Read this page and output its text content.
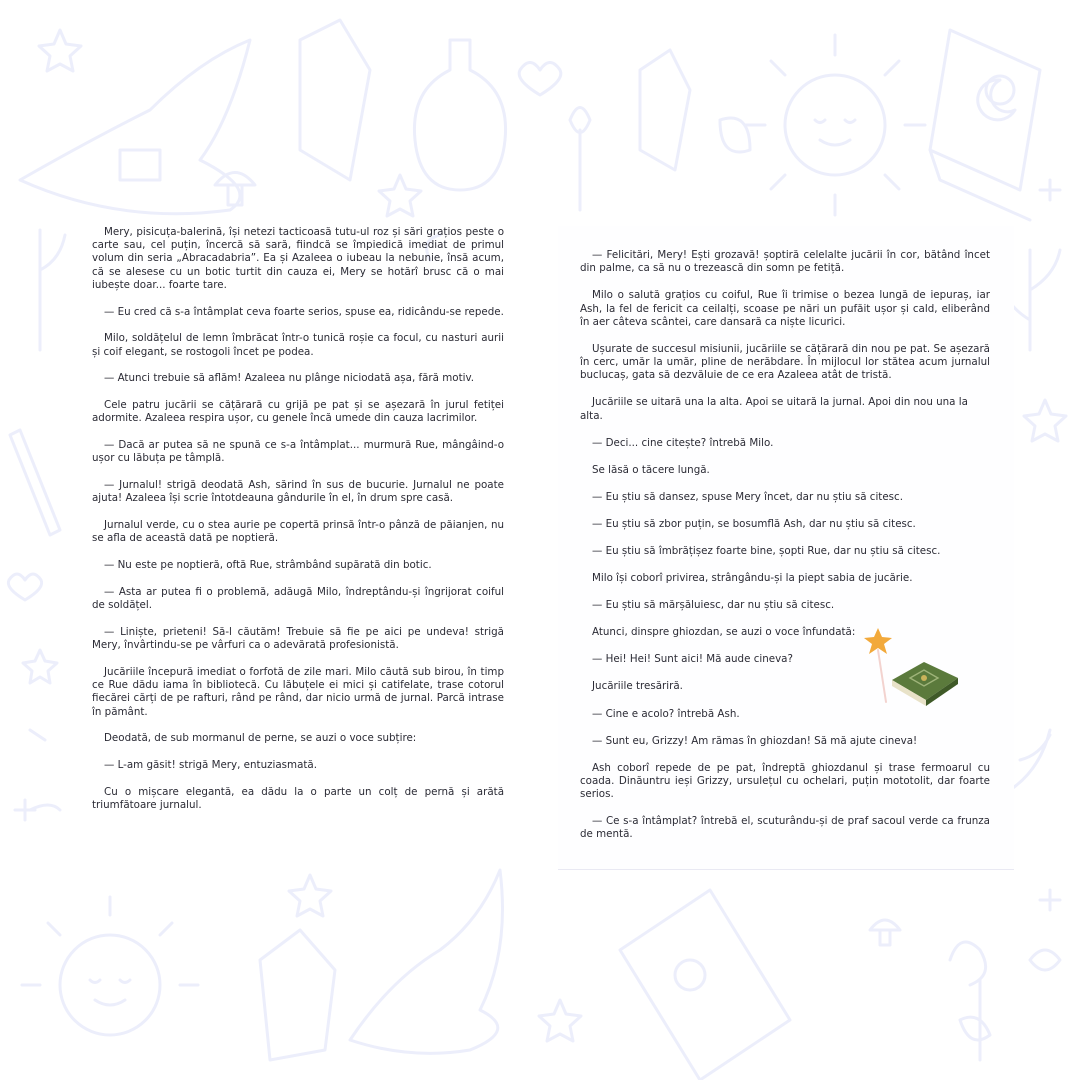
Mery, pisicuța-balerină, își netezi tacticoasă tutu-ul roz și sări grațios peste o carte sau, cel puțin, încercă să sară, fiindcă se împiedică imediat de primul volum din seria „Abracadabria”. Ea și Azaleea o iubeau la nebunie, însă acum, că se alesese cu un botic turtit din cauza ei, Mery se hotărî brusc că o mai iubește doar... foarte tare.

— Eu cred că s-a întâmplat ceva foarte serios, spuse ea, ridicându-se repede.

Milo, soldățelul de lemn îmbrăcat într-o tunică roșie ca focul, cu nasturi aurii și coif elegant, se rostogoli încet pe podea.

— Atunci trebuie să aflăm! Azaleea nu plânge niciodată așa, fără motiv.

Cele patru jucării se cățărară cu grijă pe pat și se așezară în jurul fetiței adormite. Azaleea respira ușor, cu genele încă umede din cauza lacrimilor.

— Dacă ar putea să ne spună ce s-a întâmplat... murmură Rue, mângâind-o ușor cu lăbuța pe tâmplă.

— Jurnalul! strigă deodată Ash, sărind în sus de bucurie. Jurnalul ne poate ajuta! Azaleea își scrie întotdeauna gândurile în el, în drum spre casă.

Jurnalul verde, cu o stea aurie pe copertă prinsă într-o pânză de păianjen, nu se afla de această dată pe noptieră.

— Nu este pe noptieră, oftă Rue, strâmbând supărată din botic.

— Asta ar putea fi o problemă, adăugă Milo, îndreptându-și îngrijorat coiful de soldățel.

— Liniște, prieteni! Să-l căutăm! Trebuie să fie pe aici pe undeva! strigă Mery, învârtindu-se pe vârfuri ca o adevărată profesionistă.

Jucăriile începură imediat o forfotă de zile mari. Milo căută sub birou, în timp ce Rue dădu iama în bibliotecă. Cu lăbuțele ei mici și catifelate, trase cotorul fiecărei cărți de pe rafturi, rând pe rând, dar nicio urmă de jurnal. Parcă intrase în pământ.

Deodată, de sub mormanul de perne, se auzi o voce subțire:

— L-am găsit! strigă Mery, entuziasmată.

Cu o mișcare elegantă, ea dădu la o parte un colț de pernă și arătă triumfătoare jurnalul.

— Felicitări, Mery! Ești grozavă! șoptiră celelalte jucării în cor, bătând încet din palme, ca să nu o trezească din somn pe fetiță.

Milo o salută grațios cu coiful, Rue îi trimise o bezea lungă de iepuraș, iar Ash, la fel de fericit ca ceilalți, scoase pe nări un pufăit ușor și cald, eliberând în aer câteva scântei, care dansară ca niște licurici.

Ușurate de succesul misiunii, jucăriile se cățărară din nou pe pat. Se așezară în cerc, umăr la umăr, pline de nerăbdare. În mijlocul lor stătea acum jurnalul buclucaș, gata să dezvăluie de ce era Azaleea atât de tristă.

Jucăriile se uitară una la alta. Apoi se uitară la jurnal. Apoi din nou una la alta.

— Deci... cine citește? întrebă Milo.

Se lăsă o tăcere lungă.

— Eu știu să dansez, spuse Mery încet, dar nu știu să citesc.

— Eu știu să zbor puțin, se bosumflă Ash, dar nu știu să citesc.

— Eu știu să îmbrățișez foarte bine, șopti Rue, dar nu știu să citesc.

Milo își coborî privirea, strângându-și la piept sabia de jucărie.

— Eu știu să mărșăluiesc, dar nu știu să citesc.

Atunci, dinspre ghiozdan, se auzi o voce înfundată:

— Hei! Hei! Sunt aici! Mă aude cineva?

Jucăriile tresăriră.

— Cine e acolo? întrebă Ash.

— Sunt eu, Grizzy! Am rămas în ghiozdan! Să mă ajute cineva!

Ash coborî repede de pe pat, îndreptă ghiozdanul și trase fermoarul cu coada. Dinăuntru ieși Grizzy, ursulețul cu ochelari, puțin mototolit, dar foarte serios.

— Ce s-a întâmplat? întrebă el, scuturându-și de praf sacoul verde ca frunza de mentă.
